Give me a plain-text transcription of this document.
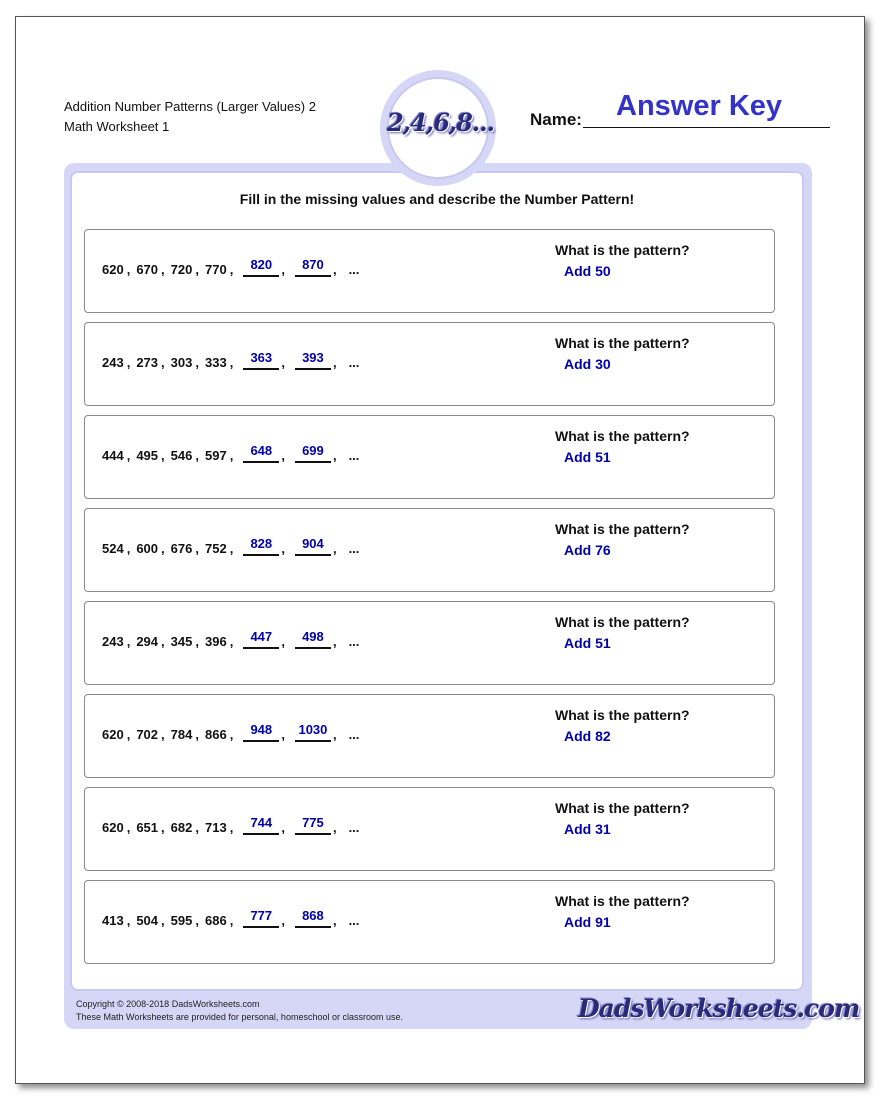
Addition Number Patterns (Larger Values) 2
Math Worksheet 1	Name: Answer Key
2,4,6,8...
Fill in the missing values and describe the Number Pattern!
620 , 670 , 720 , 770 ,	820 ,	870 , ...
What is the pattern?
Add 50
243 , 273 , 303 , 333 ,	363 ,	393 , ...
What is the pattern?
Add 30
444 , 495 , 546 , 597 ,	648 ,	699 , ...
What is the pattern?
Add 51
524 , 600 , 676 , 752 ,	828 ,	904 , ...
What is the pattern?
Add 76
243 , 294 , 345 , 396 ,	447 ,	498 , ...
What is the pattern?
Add 51
620 , 702 , 784 , 866 ,	948 , 1030 , ...
What is the pattern?
Add 82
620 , 651 , 682 , 713 ,	744 ,	775 , ...
What is the pattern?
Add 31
413 , 504 , 595 , 686 ,	777 ,	868 , ...
What is the pattern?
Add 91
Copyright © 2008-2018 DadsWorksheets.com
These Math Worksheets are provided for personal, homeschool or classroom use.	DadsWorksheets.com
